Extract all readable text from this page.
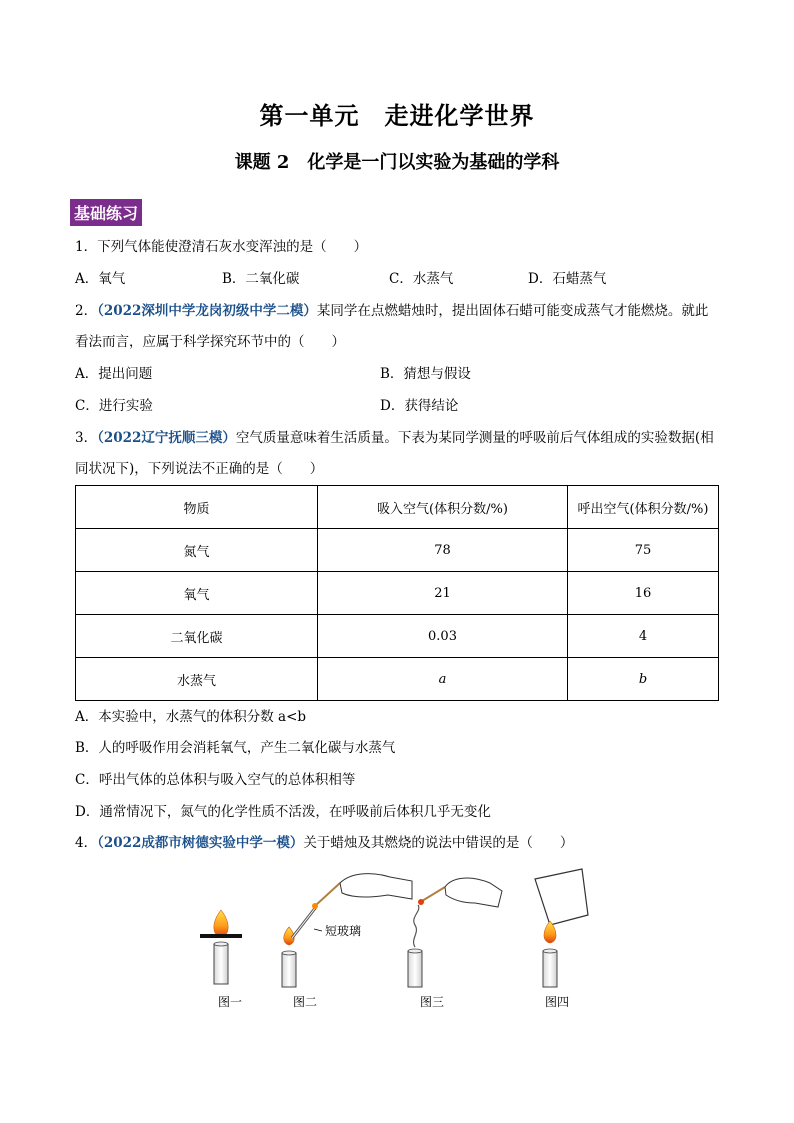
第一单元　走进化学世界
课题 2　化学是一门以实验为基础的学科
基础练习
1．下列气体能使澄清石灰水变浑浊的是（　　）
A．氧气	B．二氧化碳	C．水蒸气	D．石蜡蒸气
2．（2022深圳中学龙岗初级中学二模）某同学在点燃蜡烛时，提出固体石蜡可能变成蒸气才能燃烧。就此
看法而言，应属于科学探究环节中的（　　）
A．提出问题	B．猜想与假设
C．进行实验	D．获得结论
3．（2022辽宁抚顺三模）空气质量意味着生活质量。下表为某同学测量的呼吸前后气体组成的实验数据(相
同状况下)，下列说法不正确的是（　　）
物质	吸入空气(体积分数/%)	呼出空气(体积分数/%)
氮气	78	75
氧气	21	16
二氧化碳	0.03	4
水蒸气	a	b
A．本实验中，水蒸气的体积分数 a<b
B．人的呼吸作用会消耗氧气，产生二氧化碳与水蒸气
C．呼出气体的总体积与吸入空气的总体积相等
D．通常情况下，氮气的化学性质不活泼，在呼吸前后体积几乎无变化
4．（2022成都市树德实验中学一模）关于蜡烛及其燃烧的说法中错误的是（　　）
短玻璃
图一	图二	图三	图四
